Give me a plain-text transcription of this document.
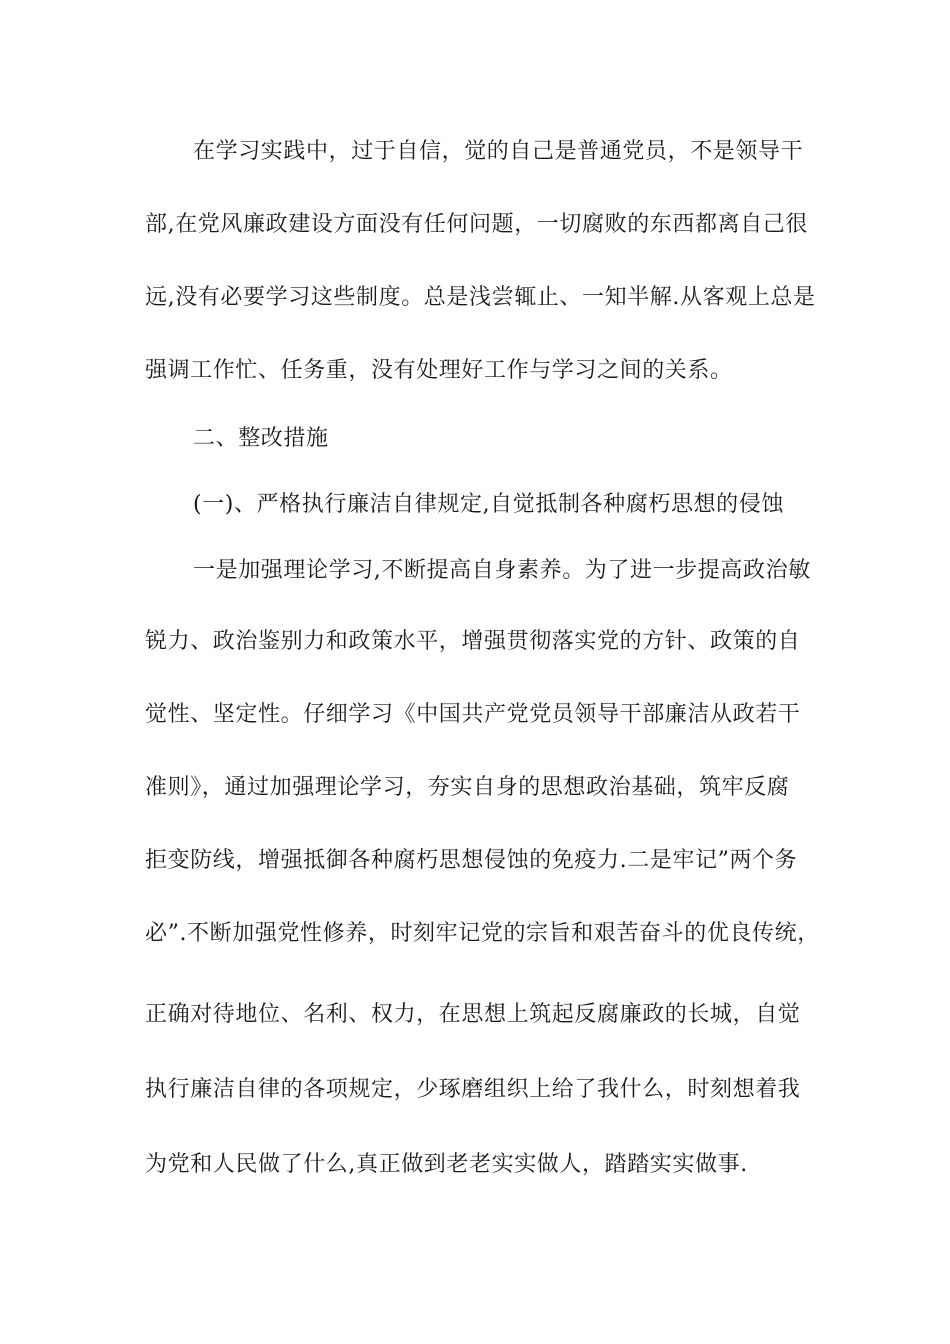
在学习实践中，过于自信，觉的自己是普通党员，不是领导干
部,在党风廉政建设方面没有任何问题，一切腐败的东西都离自己很
远,没有必要学习这些制度。总是浅尝辄止、一知半解.从客观上总是
强调工作忙、任务重，没有处理好工作与学习之间的关系。
二、整改措施
(一)、严格执行廉洁自律规定,自觉抵制各种腐朽思想的侵蚀
一是加强理论学习,不断提高自身素养。为了进一步提高政治敏
锐力、政治鉴别力和政策水平，增强贯彻落实党的方针、政策的自
觉性、坚定性。仔细学习《中国共产党党员领导干部廉洁从政若干
准则》，通过加强理论学习，夯实自身的思想政治基础，筑牢反腐
拒变防线，增强抵御各种腐朽思想侵蚀的免疫力.二是牢记”两个务
必”.不断加强党性修养，时刻牢记党的宗旨和艰苦奋斗的优良传统，
正确对待地位、名利、权力，在思想上筑起反腐廉政的长城，自觉
执行廉洁自律的各项规定，少琢磨组织上给了我什么，时刻想着我
为党和人民做了什么,真正做到老老实实做人，踏踏实实做事.
